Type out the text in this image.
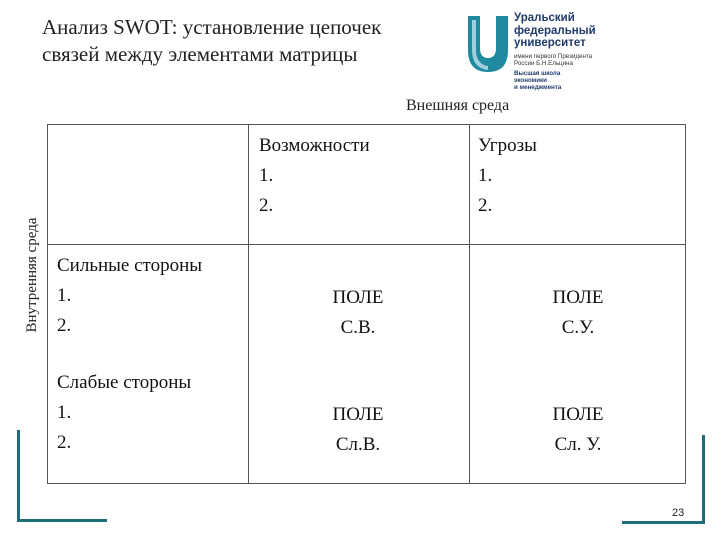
Анализ SWOT: установление цепочек
связей между элементами матрицы
Уральский
федеральный
университет
имени первого Президента
России Б.Н.Ельцина
Высшая школа
экономики
и менеджмента
Внешняя среда
Внутренняя среда
Возможности
1.
2.
Угрозы
1.
2.
Сильные стороны
1.
2.
Слабые стороны
1.
2.
ПОЛЕ
С.В.
ПОЛЕ
С.У.
ПОЛЕ
Сл.В.
ПОЛЕ
Сл. У.
23
